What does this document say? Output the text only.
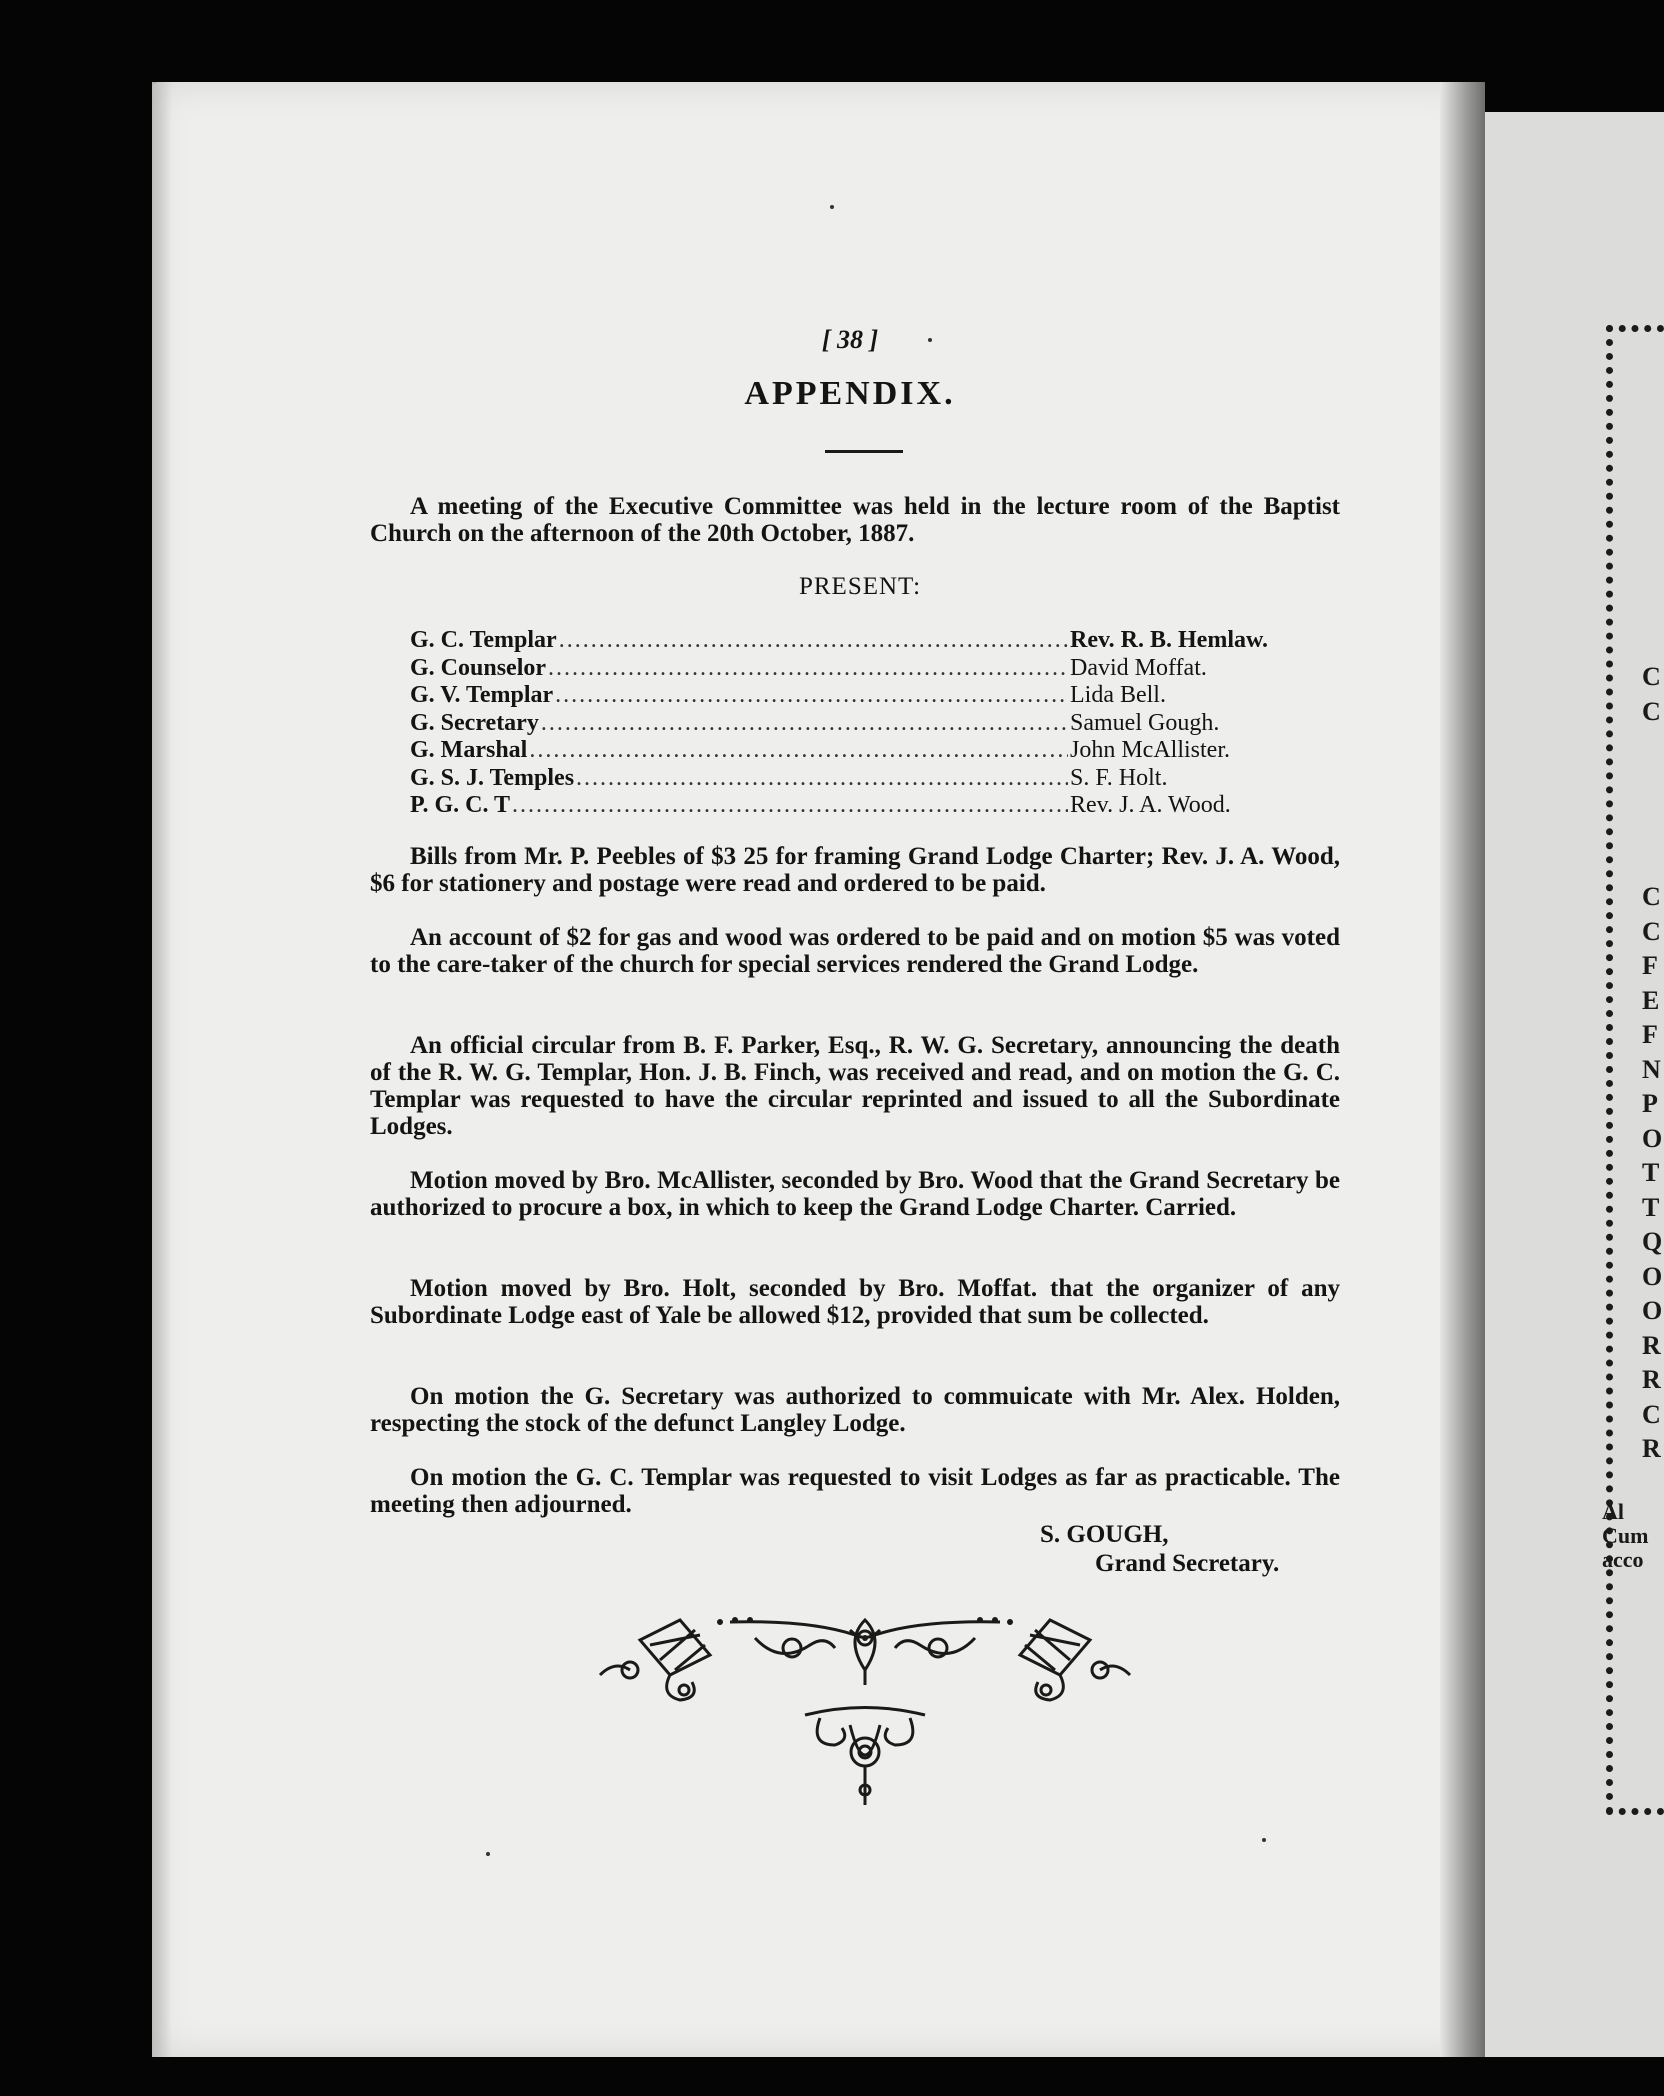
C
C
C
C
F
E
F
N
P
O
T
T
Q
O
O
R
R
C
R
Al
Cum
acco
[ 38 ]
APPENDIX.
A meeting of the Executive Committee was held in the lecture room of the Baptist Church on the afternoon of the 20th October, 1887.
PRESENT:
G. C. Templar .....	Rev. R. B. Hemlaw.
G. Counselor .....	David Moffat.
G. V. Templar .....	Lida Bell.
G. Secretary .....	Samuel Gough.
G. Marshal .....	John McAllister.
G. S. J. Temples .....	S. F. Holt.
P. G. C. T .....	Rev. J. A. Wood.
Bills from Mr. P. Peebles of $3 25 for framing Grand Lodge Charter; Rev. J. A. Wood, $6 for stationery and postage were read and ordered to be paid.
An account of $2 for gas and wood was ordered to be paid and on motion $5 was voted to the care-taker of the church for special services rendered the Grand Lodge.
An official circular from B. F. Parker, Esq., R. W. G. Secretary, announcing the death of the R. W. G. Templar, Hon. J. B. Finch, was received and read, and on motion the G. C. Templar was requested to have the circular reprinted and issued to all the Subordinate Lodges.
Motion moved by Bro. McAllister, seconded by Bro. Wood that the Grand Secretary be authorized to procure a box, in which to keep the Grand Lodge Charter. Carried.
Motion moved by Bro. Holt, seconded by Bro. Moffat. that the organizer of any Subordinate Lodge east of Yale be allowed $12, provided that sum be collected.
On motion the G. Secretary was authorized to commuicate with Mr. Alex. Holden, respecting the stock of the defunct Langley Lodge.
On motion the G. C. Templar was requested to visit Lodges as far as practicable. The meeting then adjourned.
S. GOUGH,
Grand Secretary.
